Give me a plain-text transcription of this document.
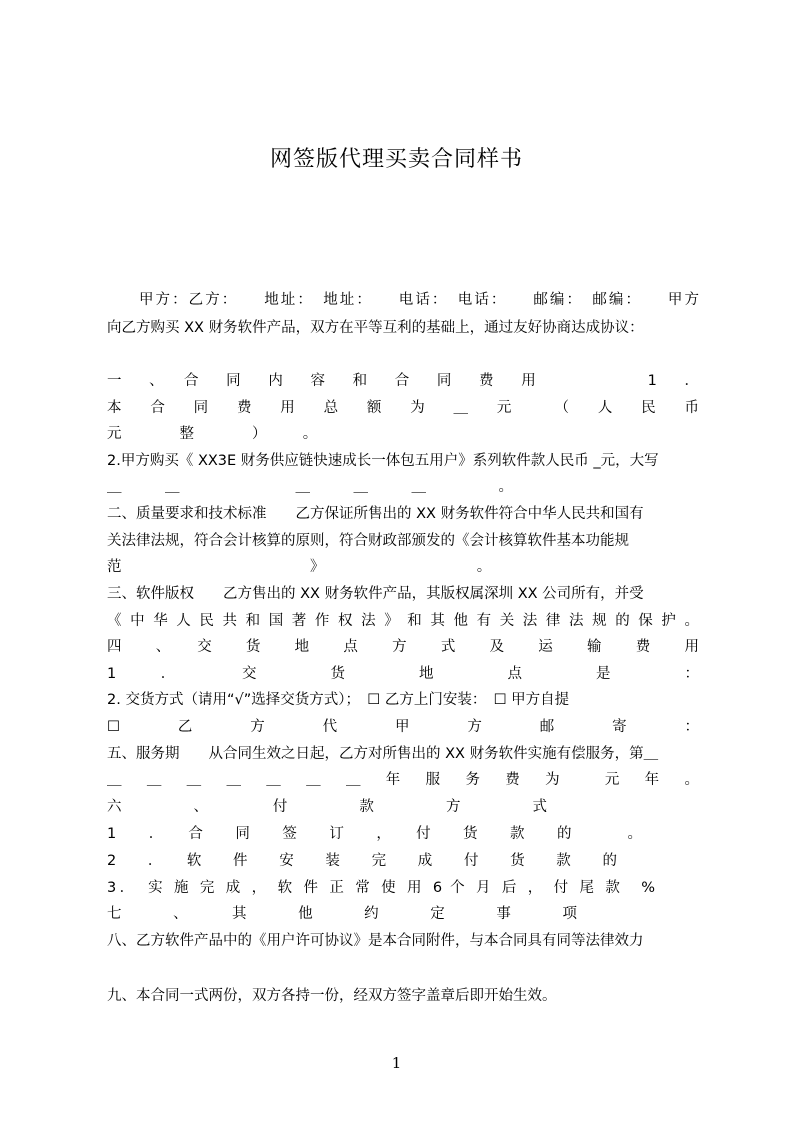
网签版代理买卖合同样书
甲方：乙方：　　地址：　地址：　　电话：　电话：　　邮编：　邮编：　　甲方
向乙方购买 XX 财务软件产品，双方在平等互利的基础上，通过友好协商达成协议：
一　、　合　同　内　容　和　合　同　费　用　　　　　1　．
本　合　同　费　用　总　额　为　＿　元　　（　人　民　币
元　　　　整　　　　）　　　。
2.甲方购买《 XX3E 财务供应链快速成长一体包五用户》系列软件款人民币 _元，大写
＿　　　＿　　　　　　　　＿　　　＿　　　＿　　　　　。
二、质量要求和技术标准　　乙方保证所售出的 XX 财务软件符合中华人民共和国有
关法律法规，符合会计核算的原则，符合财政部颁发的《会计核算软件基本功能规
范　　　　　　　　　　　　　》　　　　　　　　　　　。
三、软件版权　　乙方售出的 XX 财务软件产品，其版权属深圳 XX 公司所有，并受
《 中 华 人 民 共 和 国 著 作 权 法 》 和 其 他 有 关 法 律 法 规 的 保 护 。
四　、　交　货　地　点　方　式　及　运　输　费　用
1　．　　交　　货　　地　　点　　是　　：
2. 交货方式（请用“√”选择交货方式）；　☐ 乙方上门安装：　☐ 甲方自提
☐　　乙　　方　　代　　甲　　方　　邮　　寄　　：
五、服务期　　从合同生效之日起，乙方对所售出的 XX 财务软件实施有偿服务，第＿
＿　＿　＿　＿　＿　＿　＿　年　服　务　费　为　　元　年　。
六　　、　　付　　款　　方　　式
1　．　合　同　签　订　，　付　货　款　的　　。
2　．　软　件　安　装　完　成　付　货　款　的
3．　实 施 完 成 ， 软 件 正 常 使 用 6 个 月 后 ， 付 尾 款　%
七　　、　　其　　他　　约　　定　　事　　项
八、乙方软件产品中的《用户许可协议》是本合同附件，与本合同具有同等法律效力
九、本合同一式两份，双方各持一份，经双方签字盖章后即开始生效。
1
